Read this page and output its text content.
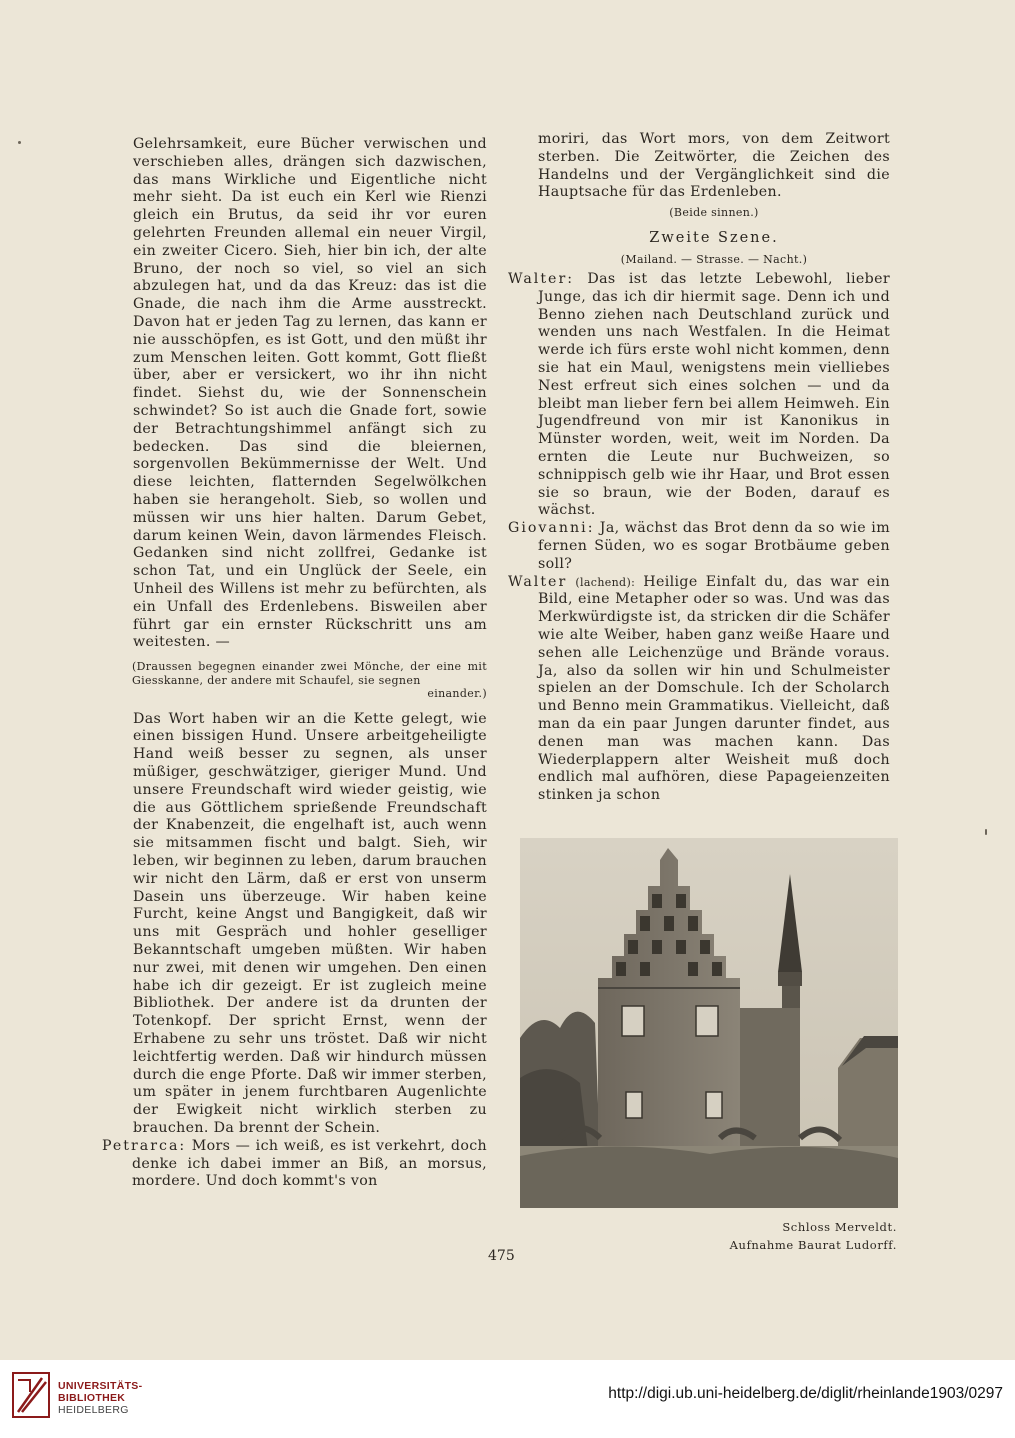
Gelehrsamkeit, eure Bücher verwischen und verschieben alles, drängen sich dazwischen, das mans Wirkliche und Eigentliche nicht mehr sieht. Da ist euch ein Kerl wie Rienzi gleich ein Brutus, da seid ihr vor euren gelehrten Freunden allemal ein neuer Virgil, ein zweiter Cicero. Sieh, hier bin ich, der alte Bruno, der noch so viel, so viel an sich abzulegen hat, und da das Kreuz: das ist die Gnade, die nach ihm die Arme ausstreckt. Davon hat er jeden Tag zu lernen, das kann er nie ausschöpfen, es ist Gott, und den müßt ihr zum Menschen leiten. Gott kommt, Gott fließt über, aber er versickert, wo ihr ihn nicht findet. Siehst du, wie der Sonnenschein schwindet? So ist auch die Gnade fort, sowie der Betrachtungshimmel anfängt sich zu bedecken. Das sind die bleiernen, sorgenvollen Bekümmernisse der Welt. Und diese leichten, flatternden Segelwölkchen haben sie herangeholt. Sieb, so wollen und müssen wir uns hier halten. Darum Gebet, darum keinen Wein, davon lärmendes Fleisch. Gedanken sind nicht zollfrei, Gedanke ist schon Tat, und ein Unglück der Seele, ein Unheil des Willens ist mehr zu befürchten, als ein Unfall des Erdenlebens. Bisweilen aber führt gar ein ernster Rückschritt uns am weitesten. —

(Draussen begegnen einander zwei Mönche, der eine mit Giesskanne, der andere mit Schaufel, sie segnen
einander.)

Das Wort haben wir an die Kette gelegt, wie einen bissigen Hund. Unsere arbeitgeheiligte Hand weiß besser zu segnen, als unser müßiger, geschwätziger, gieriger Mund. Und unsere Freundschaft wird wieder geistig, wie die aus Göttlichem sprießende Freundschaft der Knabenzeit, die engelhaft ist, auch wenn sie mitsammen fischt und balgt. Sieh, wir leben, wir beginnen zu leben, darum brauchen wir nicht den Lärm, daß er erst von unserm Dasein uns überzeuge. Wir haben keine Furcht, keine Angst und Bangigkeit, daß wir uns mit Gespräch und hohler geselliger Bekanntschaft umgeben müßten. Wir haben nur zwei, mit denen wir umgehen. Den einen habe ich dir gezeigt. Er ist zugleich meine Bibliothek. Der andere ist da drunten der Totenkopf. Der spricht Ernst, wenn der Erhabene zu sehr uns tröstet. Daß wir nicht leichtfertig werden. Daß wir hindurch müssen durch die enge Pforte. Daß wir immer sterben, um später in jenem furchtbaren Augenlichte der Ewigkeit nicht wirklich sterben zu brauchen. Da brennt der Schein.

Petrarca: Mors — ich weiß, es ist verkehrt, doch denke ich dabei immer an Biß, an morsus, mordere. Und doch kommt's von

moriri, das Wort mors, von dem Zeitwort sterben. Die Zeitwörter, die Zeichen des Handelns und der Vergänglichkeit sind die Hauptsache für das Erdenleben.

(Beide sinnen.)

Zweite Szene.

(Mailand. — Strasse. — Nacht.)

Walter: Das ist das letzte Lebewohl, lieber Junge, das ich dir hiermit sage. Denn ich und Benno ziehen nach Deutschland zurück und wenden uns nach Westfalen. In die Heimat werde ich fürs erste wohl nicht kommen, denn sie hat ein Maul, wenigstens mein vielliebes Nest erfreut sich eines solchen — und da bleibt man lieber fern bei allem Heimweh. Ein Jugendfreund von mir ist Kanonikus in Münster worden, weit, weit im Norden. Da ernten die Leute nur Buchweizen, so schnippisch gelb wie ihr Haar, und Brot essen sie so braun, wie der Boden, darauf es wächst.

Giovanni: Ja, wächst das Brot denn da so wie im fernen Süden, wo es sogar Brotbäume geben soll?

Walter (lachend): Heilige Einfalt du, das war ein Bild, eine Metapher oder so was. Und was das Merkwürdigste ist, da stricken dir die Schäfer wie alte Weiber, haben ganz weiße Haare und sehen alle Leichenzüge und Brände voraus. Ja, also da sollen wir hin und Schulmeister spielen an der Domschule. Ich der Scholarch und Benno mein Grammatikus. Vielleicht, daß man da ein paar Jungen darunter findet, aus denen man was machen kann. Das Wiederplappern alter Weisheit muß doch endlich mal aufhören, diese Papageienzeiten stinken ja schon

Schloss Merveldt.
Aufnahme Baurat Ludorff.
475
UNIVERSITÄTS-
BIBLIOTHEK
HEIDELBERG
http://digi.ub.uni-heidelberg.de/diglit/rheinlande1903/0297
